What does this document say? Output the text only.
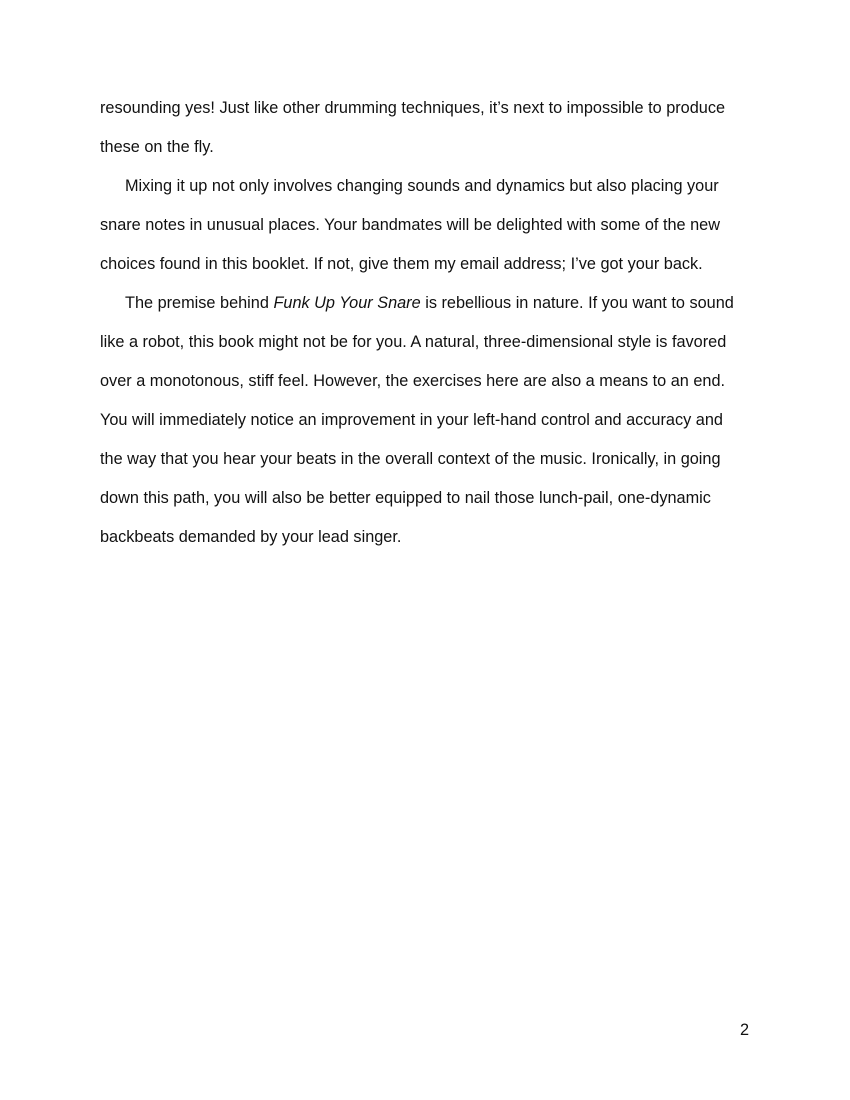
resounding yes! Just like other drumming techniques, it’s next to impossible to produce
these on the fly.
Mixing it up not only involves changing sounds and dynamics but also placing your
snare notes in unusual places. Your bandmates will be delighted with some of the new
choices found in this booklet. If not, give them my email address; I’ve got your back.
The premise behind Funk Up Your Snare is rebellious in nature. If you want to sound
like a robot, this book might not be for you. A natural, three-dimensional style is favored
over a monotonous, stiff feel. However, the exercises here are also a means to an end.
You will immediately notice an improvement in your left-hand control and accuracy and
the way that you hear your beats in the overall context of the music. Ironically, in going
down this path, you will also be better equipped to nail those lunch-pail, one-dynamic
backbeats demanded by your lead singer.
2
